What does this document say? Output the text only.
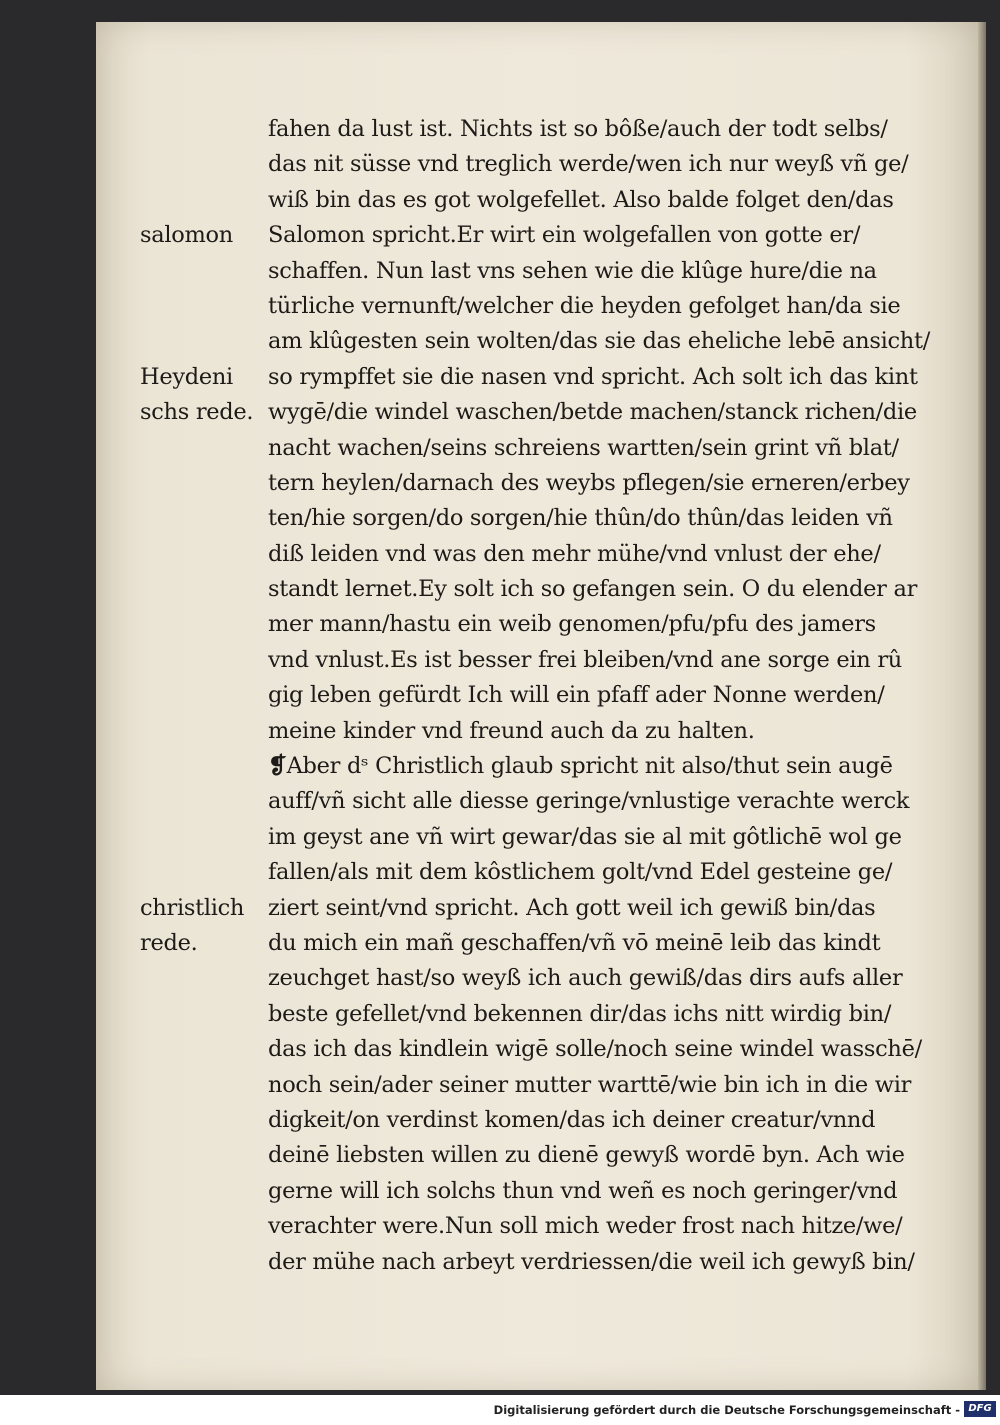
salomon
Heydeni
schs rede.
christlich
rede.
fahen da lust ist. Nichts ist so bôße/auch der todt selbs/
das nit süsse vnd treglich werde/wen ich nur weyß vñ ge/
wiß bin das es got wolgefellet. Also balde folget den/das
Salomon spricht.Er wirt ein wolgefallen von gotte er/
schaffen. Nun last vns sehen wie die klûge hure/die na
türliche vernunft/welcher die heyden gefolget han/da sie
am klûgesten sein wolten/das sie das eheliche lebē ansicht/
so rympffet sie die nasen vnd spricht. Ach solt ich das kint
wygē/die windel waschen/betde machen/stanck richen/die
nacht wachen/seins schreiens wartten/sein grint vñ blat/
tern heylen/darnach des weybs pflegen/sie erneren/erbey
ten/hie sorgen/do sorgen/hie thûn/do thûn/das leiden vñ
diß leiden vnd was den mehr mühe/vnd vnlust der ehe/
standt lernet.Ey solt ich so gefangen sein. O du elender ar
mer mann/hastu ein weib genomen/pfu/pfu des jamers
vnd vnlust.Es ist besser frei bleiben/vnd ane sorge ein rû
gig leben gefürdt Ich will ein pfaff ader Nonne werden/
meine kinder vnd freund auch da zu halten.
❡Aber dˢ Christlich glaub spricht nit also/thut sein augē
auff/vñ sicht alle diesse geringe/vnlustige verachte werck
im geyst ane vñ wirt gewar/das sie al mit gôtlichē wol ge
fallen/als mit dem kôstlichem golt/vnd Edel gesteine ge/
ziert seint/vnd spricht. Ach gott weil ich gewiß bin/das
du mich ein mañ geschaffen/vñ vō meinē leib das kindt
zeuchget hast/so weyß ich auch gewiß/das dirs aufs aller
beste gefellet/vnd bekennen dir/das ichs nitt wirdig bin/
das ich das kindlein wigē solle/noch seine windel wasschē/
noch sein/ader seiner mutter warttē/wie bin ich in die wir
digkeit/on verdinst komen/das ich deiner creatur/vnnd
deinē liebsten willen zu dienē gewyß wordē byn. Ach wie
gerne will ich solchs thun vnd weñ es noch geringer/vnd
verachter were.Nun soll mich weder frost nach hitze/we/
der mühe nach arbeyt verdriessen/die weil ich gewyß bin/
Digitalisierung gefördert durch die Deutsche Forschungsgemeinschaft - DFG
